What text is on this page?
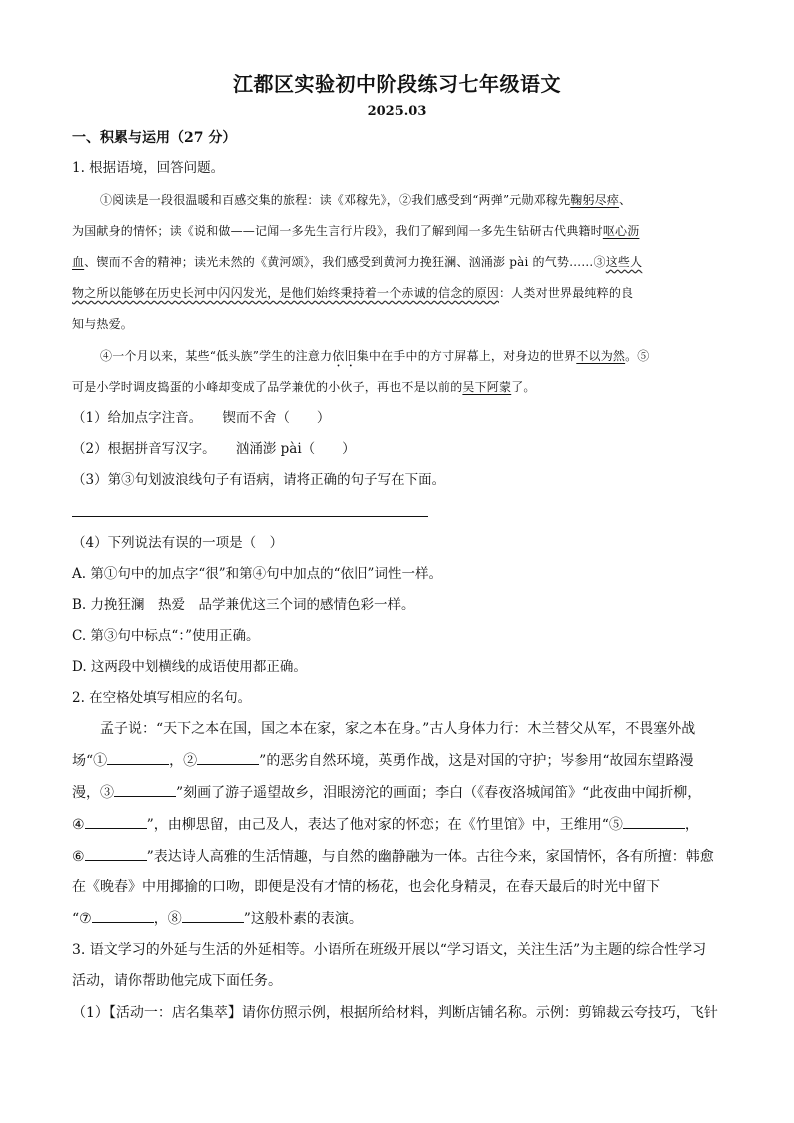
江都区实验初中阶段练习七年级语文
2025.03
一、积累与运用（27 分）
1. 根据语境，回答问题。
①阅读是一段很温暖和百感交集的旅程：读《邓稼先》，②我们感受到“两弹”元勋邓稼先鞠躬尽瘁、
为国献身的情怀；读《说和做——记闻一多先生言行片段》，我们了解到闻一多先生钻研古代典籍时呕心沥
血、锲而不舍的精神；读光未然的《黄河颂》，我们感受到黄河力挽狂澜、汹涌澎 pài 的气势……③这些人
物之所以能够在历史长河中闪闪发光，是他们始终秉持着一个赤诚的信念的原因：人类对世界最纯粹的良
知与热爱。
④一个月以来，某些“低头族”学生的注意力依旧集中在手中的方寸屏幕上，对身边的世界不以为然。⑤
可是小学时调皮捣蛋的小峰却变成了品学兼优的小伙子，再也不是以前的吴下阿蒙了。
（1）给加点字注音。　　锲而不舍（　　）
（2）根据拼音写汉字。　　汹涌澎 pài（　　）
（3）第③句划波浪线句子有语病，请将正确的句子写在下面。
（4）下列说法有误的一项是（　）
A. 第①句中的加点字“很”和第④句中加点的“依旧”词性一样。
B. 力挽狂澜　热爱　品学兼优这三个词的感情色彩一样。
C. 第③句中标点“：”使用正确。
D. 这两段中划横线的成语使用都正确。
2. 在空格处填写相应的名句。
孟子说：“天下之本在国，国之本在家，家之本在身。”古人身体力行：木兰替父从军，不畏塞外战
场“①	，②	”的恶劣自然环境，英勇作战，这是对国的守护；岑参用“故园东望路漫
漫，③	”刻画了游子遥望故乡，泪眼滂沱的画面；李白（《春夜洛城闻笛》“此夜曲中闻折柳，
④	”，由柳思留，由己及人，表达了他对家的怀恋；在《竹里馆》中，王维用“⑤	，
⑥	”表达诗人高雅的生活情趣，与自然的幽静融为一体。古往今来，家国情怀，各有所擅：韩愈
在《晚春》中用揶揄的口吻，即便是没有才情的杨花，也会化身精灵，在春天最后的时光中留下
“⑦	，⑧	”这般朴素的表演。
3. 语文学习的外延与生活的外延相等。小语所在班级开展以“学习语文，关注生活”为主题的综合性学习
活动，请你帮助他完成下面任务。
（1）【活动一：店名集萃】请你仿照示例，根据所给材料，判断店铺名称。示例：剪锦裁云夸技巧，飞针
